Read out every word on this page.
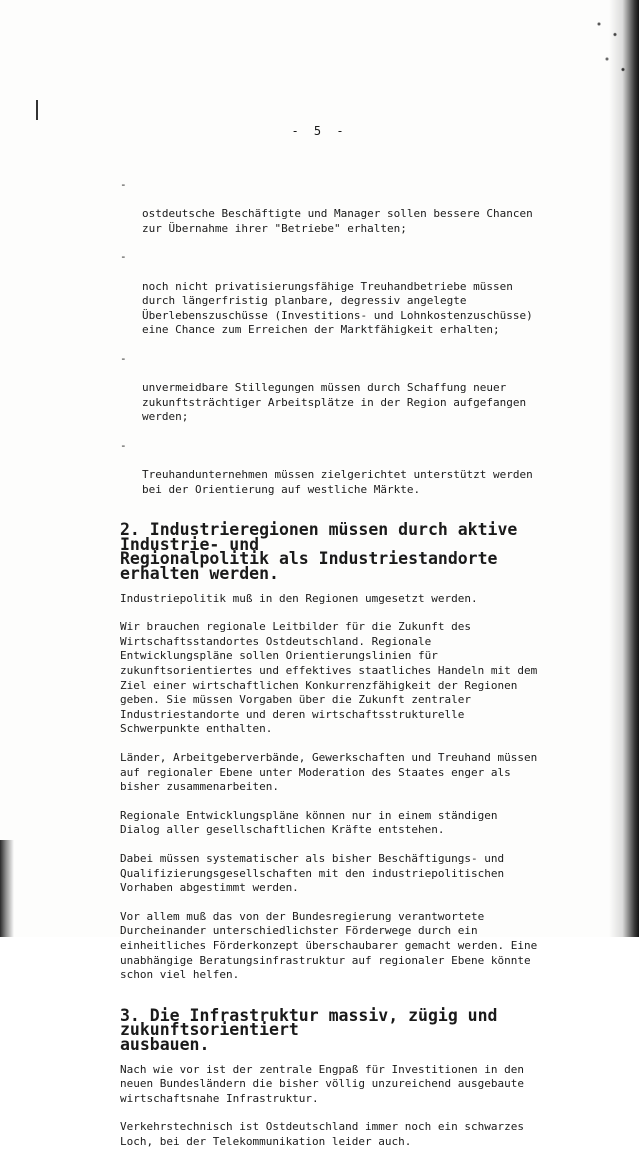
- 5 -

-

ostdeutsche Beschäftigte und Manager sollen bessere Chancen
zur Übernahme ihrer "Betriebe" erhalten;

-

noch nicht privatisierungsfähige Treuhandbetriebe müssen
durch längerfristig planbare, degressiv angelegte
Überlebenszuschüsse (Investitions- und Lohnkostenzuschüsse)
eine Chance zum Erreichen der Marktfähigkeit erhalten;

-

unvermeidbare Stillegungen müssen durch Schaffung neuer
zukunftsträchtiger Arbeitsplätze in der Region aufgefangen
werden;

-

Treuhandunternehmen müssen zielgerichtet unterstützt werden
bei der Orientierung auf westliche Märkte.

2. Industrieregionen müssen durch aktive Industrie- und
Regionalpolitik als Industriestandorte erhalten werden.

Industriepolitik muß in den Regionen umgesetzt werden.

Wir brauchen regionale Leitbilder für die Zukunft des
Wirtschaftsstandortes Ostdeutschland. Regionale
Entwicklungspläne sollen Orientierungslinien für
zukunftsorientiertes und effektives staatliches Handeln mit dem
Ziel einer wirtschaftlichen Konkurrenzfähigkeit der Regionen
geben. Sie müssen Vorgaben über die Zukunft zentraler
Industriestandorte und deren wirtschaftsstrukturelle
Schwerpunkte enthalten.

Länder, Arbeitgeberverbände, Gewerkschaften und Treuhand müssen
auf regionaler Ebene unter Moderation des Staates enger als
bisher zusammenarbeiten.

Regionale Entwicklungspläne können nur in einem ständigen
Dialog aller gesellschaftlichen Kräfte entstehen.

Dabei müssen systematischer als bisher Beschäftigungs- und
Qualifizierungsgesellschaften mit den industriepolitischen
Vorhaben abgestimmt werden.

Vor allem muß das von der Bundesregierung verantwortete
Durcheinander unterschiedlichster Förderwege durch ein
einheitliches Förderkonzept überschaubarer gemacht werden. Eine
unabhängige Beratungsinfrastruktur auf regionaler Ebene könnte
schon viel helfen.

3. Die Infrastruktur massiv, zügig und zukunftsorientiert
ausbauen.

Nach wie vor ist der zentrale Engpaß für Investitionen in den
neuen Bundesländern die bisher völlig unzureichend ausgebaute
wirtschaftsnahe Infrastruktur.

Verkehrstechnisch ist Ostdeutschland immer noch ein schwarzes
Loch, bei der Telekommunikation leider auch.
